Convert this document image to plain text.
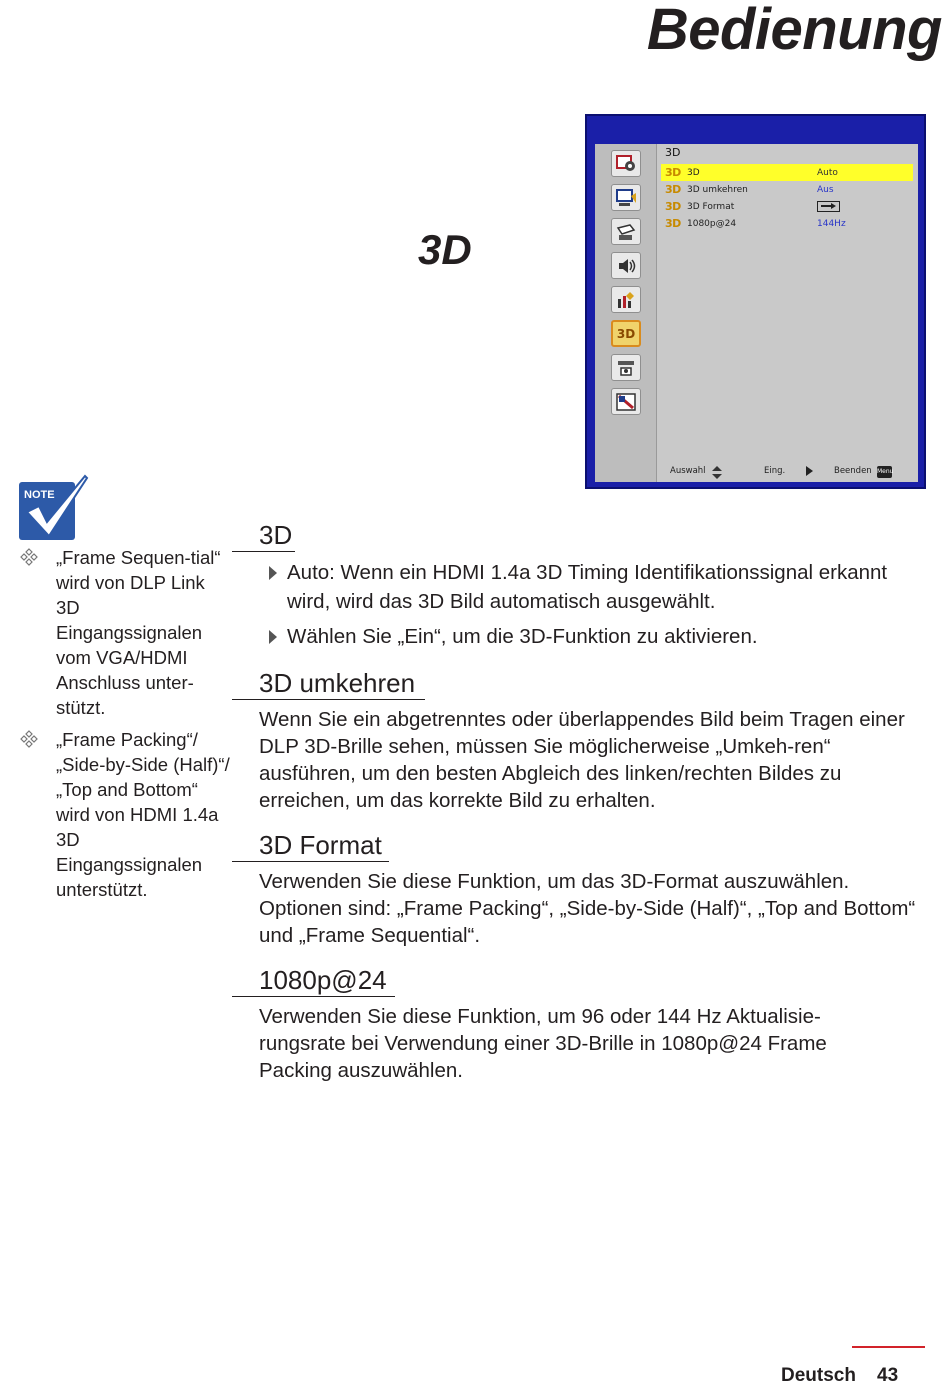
Bedienung
3D
3D
3D
3D 3D	Auto
3D 3D umkehren	Aus
3D 3D Format
3D 1080p@24	144Hz
Auswahl	Eing.	Beenden Menu
NOTE
„Frame Sequen-tial“ wird von DLP Link 3D Eingangssignalen vom VGA/HDMI Anschluss unter-stützt.
„Frame Packing“/ „Side-by-Side (Half)“/„Top and Bottom“ wird von HDMI 1.4a 3D Eingangssignalen unterstützt.
3D
Auto: Wenn ein HDMI 1.4a 3D Timing Identifikationssignal erkannt wird, wird das 3D Bild automatisch ausgewählt.
Wählen Sie „Ein“, um die 3D-Funktion zu aktivieren.
3D umkehren
Wenn Sie ein abgetrenntes oder überlappendes Bild beim Tragen einer DLP 3D-Brille sehen, müssen Sie möglicherweise „Umkeh-ren“ ausführen, um den besten Abgleich des linken/rechten Bildes zu erreichen, um das korrekte Bild zu erhalten.
3D Format
Verwenden Sie diese Funktion, um das 3D-Format auszuwählen. Optionen sind: „Frame Packing“, „Side-by-Side (Half)“, „Top and Bottom“ und „Frame Sequential“.
1080p@24
Verwenden Sie diese Funktion, um 96 oder 144 Hz Aktualisie-rungsrate bei Verwendung einer 3D-Brille in 1080p@24 Frame Packing auszuwählen.
Deutsch 43
